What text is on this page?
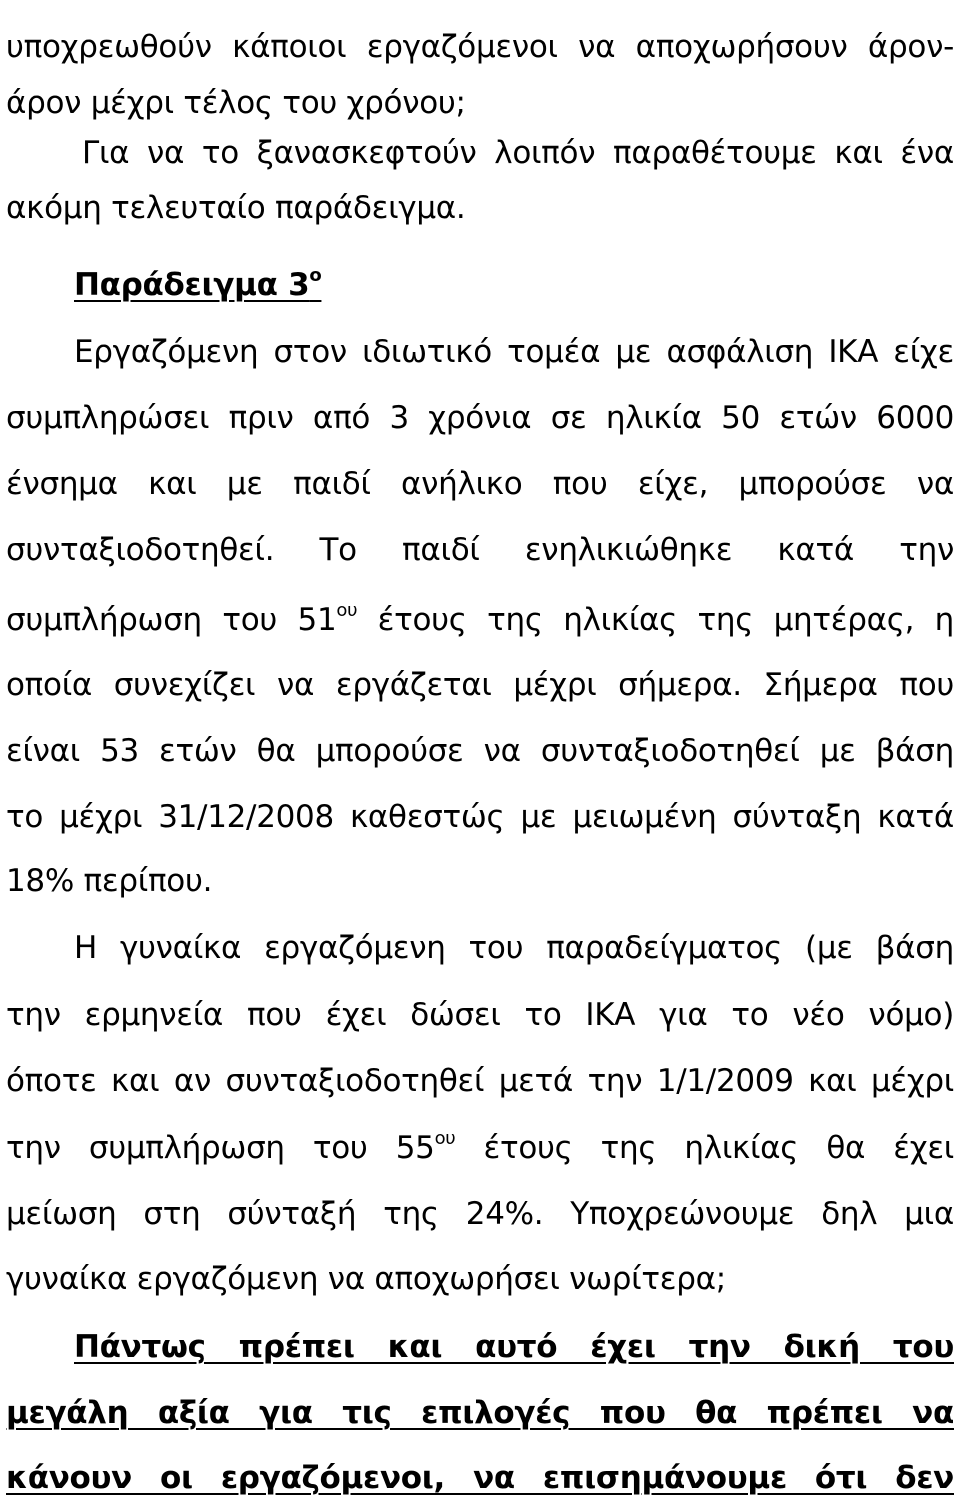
υποχρεωθούν κάποιοι εργαζόμενοι να αποχωρήσουν άρον-
άρον μέχρι τέλος του χρόνου;
Για να το ξανασκεφτούν λοιπόν παραθέτουμε και ένα
ακόμη τελευταίο παράδειγμα.
Παράδειγμα $3^o$
Εργαζόμενη στον ιδιωτικό τομέα με ασφάλιση ΙΚΑ είχε
συμπληρώσει πριν από 3 χρόνια σε ηλικία 50 ετών 6000
ένσημα και με παιδί ανήλικο που είχε, μπορούσε να
συνταξιοδοτηθεί. Το παιδί ενηλικιώθηκε κατά την
συμπλήρωση του $51^{o\upsilon}$ έτους της ηλικίας της μητέρας, η
οποία συνεχίζει να εργάζεται μέχρι σήμερα. Σήμερα που
είναι 53 ετών θα μπορούσε να συνταξιοδοτηθεί με βάση
το μέχρι 31/12/2008 καθεστώς με μειωμένη σύνταξη κατά
18% περίπου.
Η γυναίκα εργαζόμενη του παραδείγματος (με βάση
την ερμηνεία που έχει δώσει το ΙΚΑ για το νέο νόμο)
όποτε και αν συνταξιοδοτηθεί μετά την 1/1/2009 και μέχρι
την συμπλήρωση του $55^{o\upsilon}$ έτους της ηλικίας θα έχει
μείωση στη σύνταξή της 24%. Υποχρεώνουμε δηλ μια
γυναίκα εργαζόμενη να αποχωρήσει νωρίτερα;
Πάντως πρέπει και αυτό έχει την δική του
μεγάλη αξία για τις επιλογές που θα πρέπει να
κάνουν οι εργαζόμενοι, να επισημάνουμε ότι δεν
